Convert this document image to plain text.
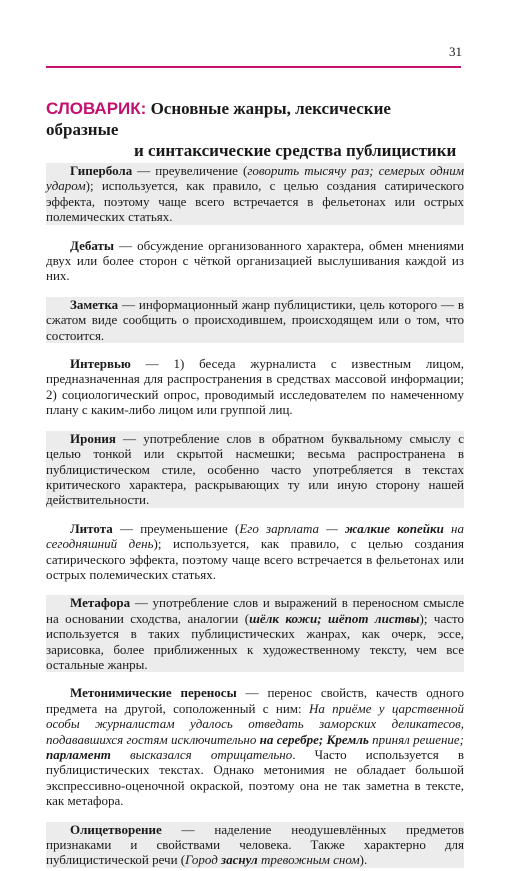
31
СЛОВАРИК: Основные жанры, лексические образные
и синтаксические средства публицистики

Гипербола — преувеличение (говорить тысячу раз; семерых одним ударом); используется, как правило, с целью создания сатирического эффекта, поэтому чаще всего встречается в фельетонах или острых полемических статьях.

Дебаты — обсуждение организованного характера, обмен мнениями двух или более сторон с чёткой организацией выслушивания каждой из них.

Заметка — информационный жанр публицистики, цель которого — в сжатом виде сообщить о происходившем, происходящем или о том, что состоится.

Интервью — 1) беседа журналиста с известным лицом, предназначенная для распространения в средствах массовой информации; 2) социологический опрос, проводимый исследователем по намеченному плану с каким-либо лицом или группой лиц.

Ирония — употребление слов в обратном буквальному смыслу с целью тонкой или скрытой насмешки; весьма распространена в публицистическом стиле, особенно часто употребляется в текстах критического характера, раскрывающих ту или иную сторону нашей действительности.

Литота — преуменьшение (Его зарплата — жалкие копейки на сегодняшний день); используется, как правило, с целью создания сатирического эффекта, поэтому чаще всего встречается в фельетонах или острых полемических статьях.

Метафора — употребление слов и выражений в переносном смысле на основании сходства, аналогии (шёлк кожи; шёпот листвы); часто используется в таких публицистических жанрах, как очерк, эссе, зарисовка, более приближенных к художественному тексту, чем все остальные жанры.

Метонимические переносы — перенос свойств, качеств одного предмета на другой, соположенный с ним: На приёме у царственной особы журналистам удалось отведать заморских деликатесов, подававшихся гостям исключительно на серебре; Кремль принял решение; парламент высказался отрицательно. Часто используется в публицистических текстах. Однако метонимия не обладает большой экспрессивно-оценочной окраской, поэтому она не так заметна в тексте, как метафора.

Олицетворение — наделение неодушевлённых предметов признаками и свойствами человека. Также характерно для публицистической речи (Город заснул тревожным сном).
